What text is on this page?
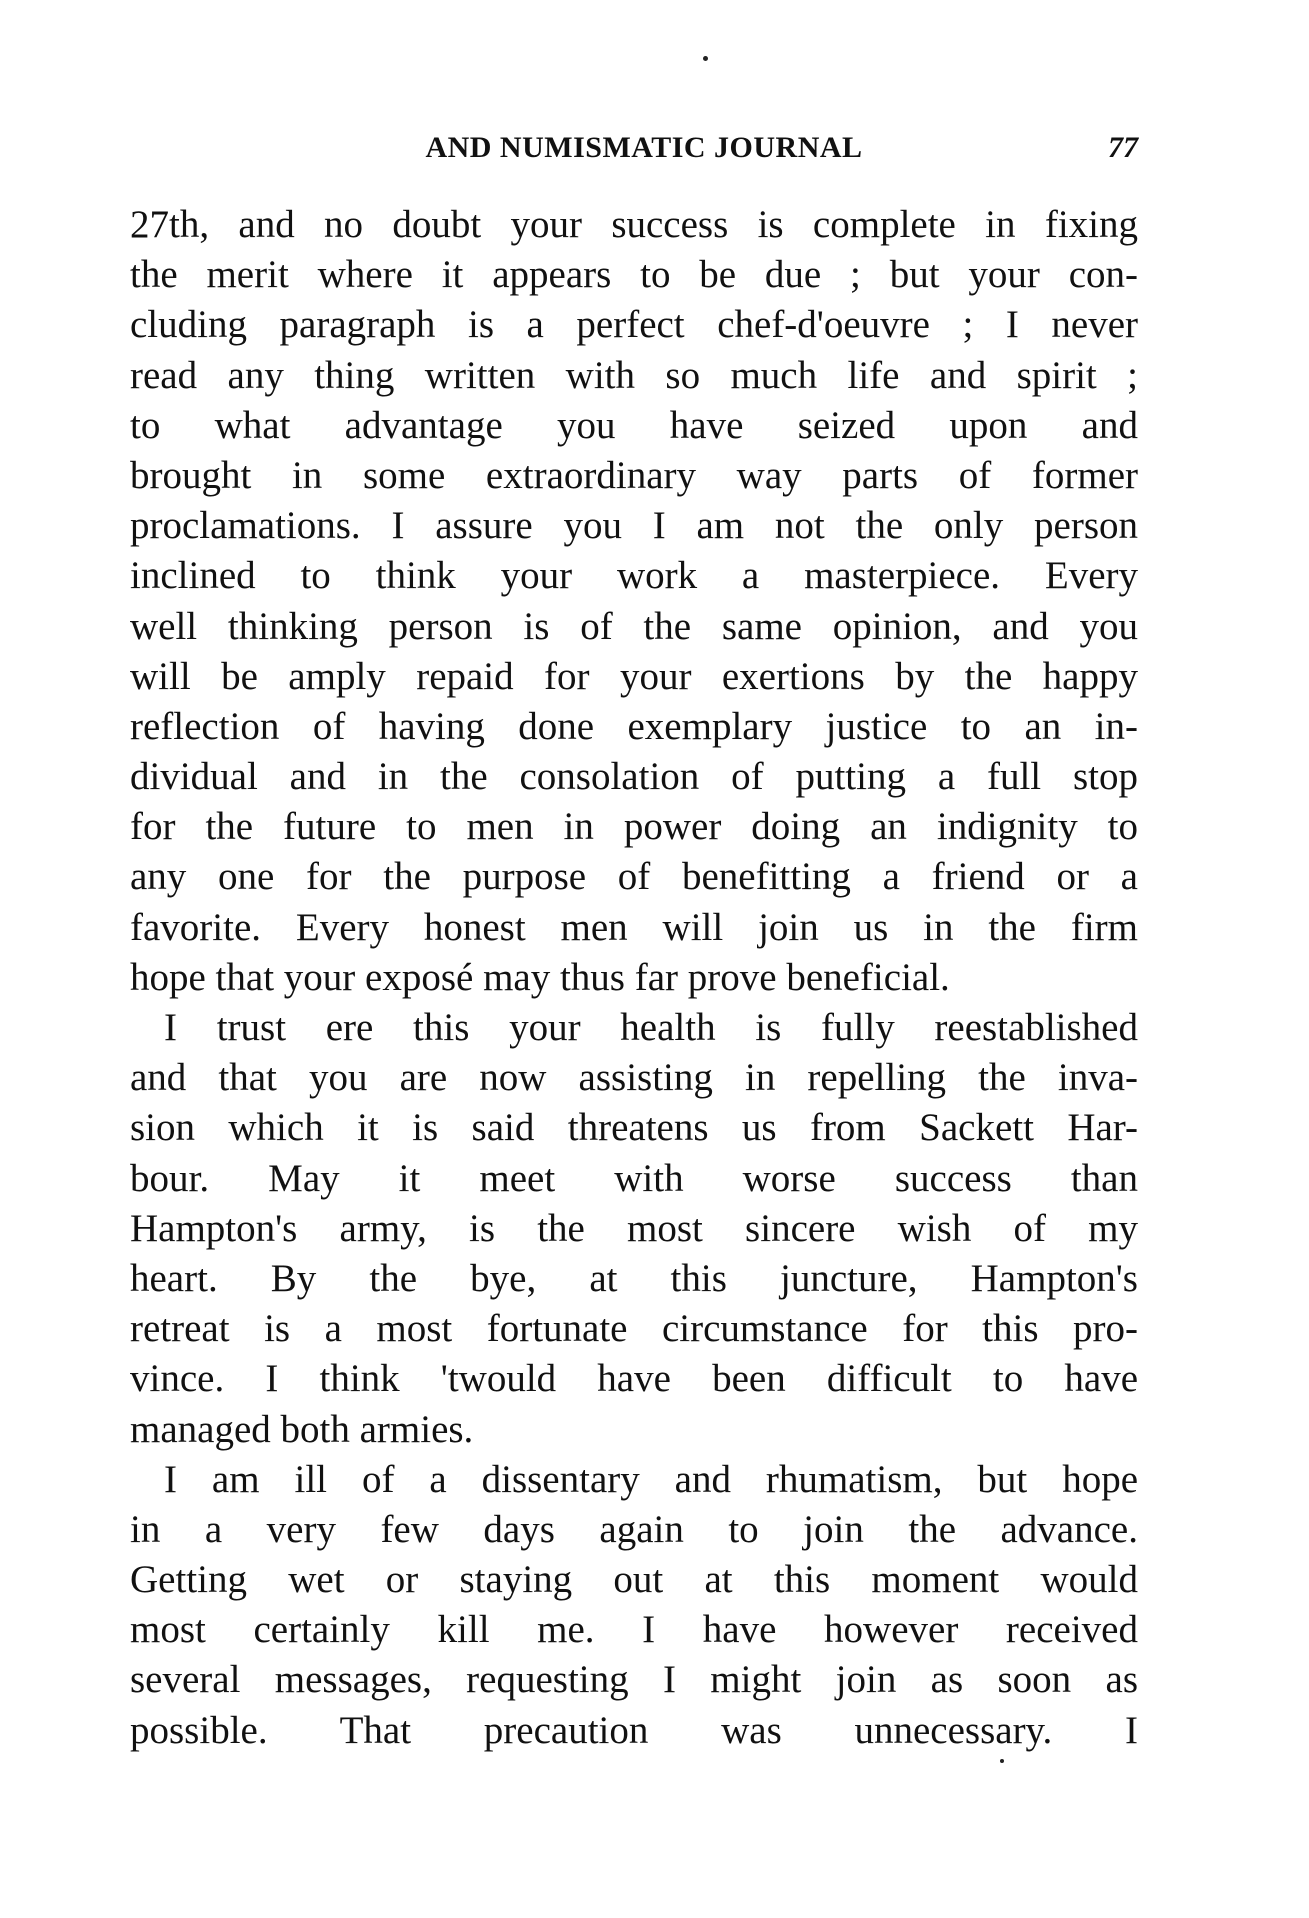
AND NUMISMATIC JOURNAL	77
27th, and no doubt your success is complete in fixing
the merit where it appears to be due ; but your con-
cluding paragraph is a perfect chef-d'oeuvre ; I never
read any thing written with so much life and spirit ;
to what advantage you have seized upon and
brought in some extraordinary way parts of former
proclamations. I assure you I am not the only person
inclined to think your work a masterpiece. Every
well thinking person is of the same opinion, and you
will be amply repaid for your exertions by the happy
reflection of having done exemplary justice to an in-
dividual and in the consolation of putting a full stop
for the future to men in power doing an indignity to
any one for the purpose of benefitting a friend or a
favorite. Every honest men will join us in the firm
hope that your exposé may thus far prove beneficial.
I trust ere this your health is fully reestablished
and that you are now assisting in repelling the inva-
sion which it is said threatens us from Sackett Har-
bour. May it meet with worse success than
Hampton's army, is the most sincere wish of my
heart. By the bye, at this juncture, Hampton's
retreat is a most fortunate circumstance for this pro-
vince. I think 'twould have been difficult to have
managed both armies.
I am ill of a dissentary and rhumatism, but hope
in a very few days again to join the advance.
Getting wet or staying out at this moment would
most certainly kill me. I have however received
several messages, requesting I might join as soon as
possible. That precaution was unnecessary. I
